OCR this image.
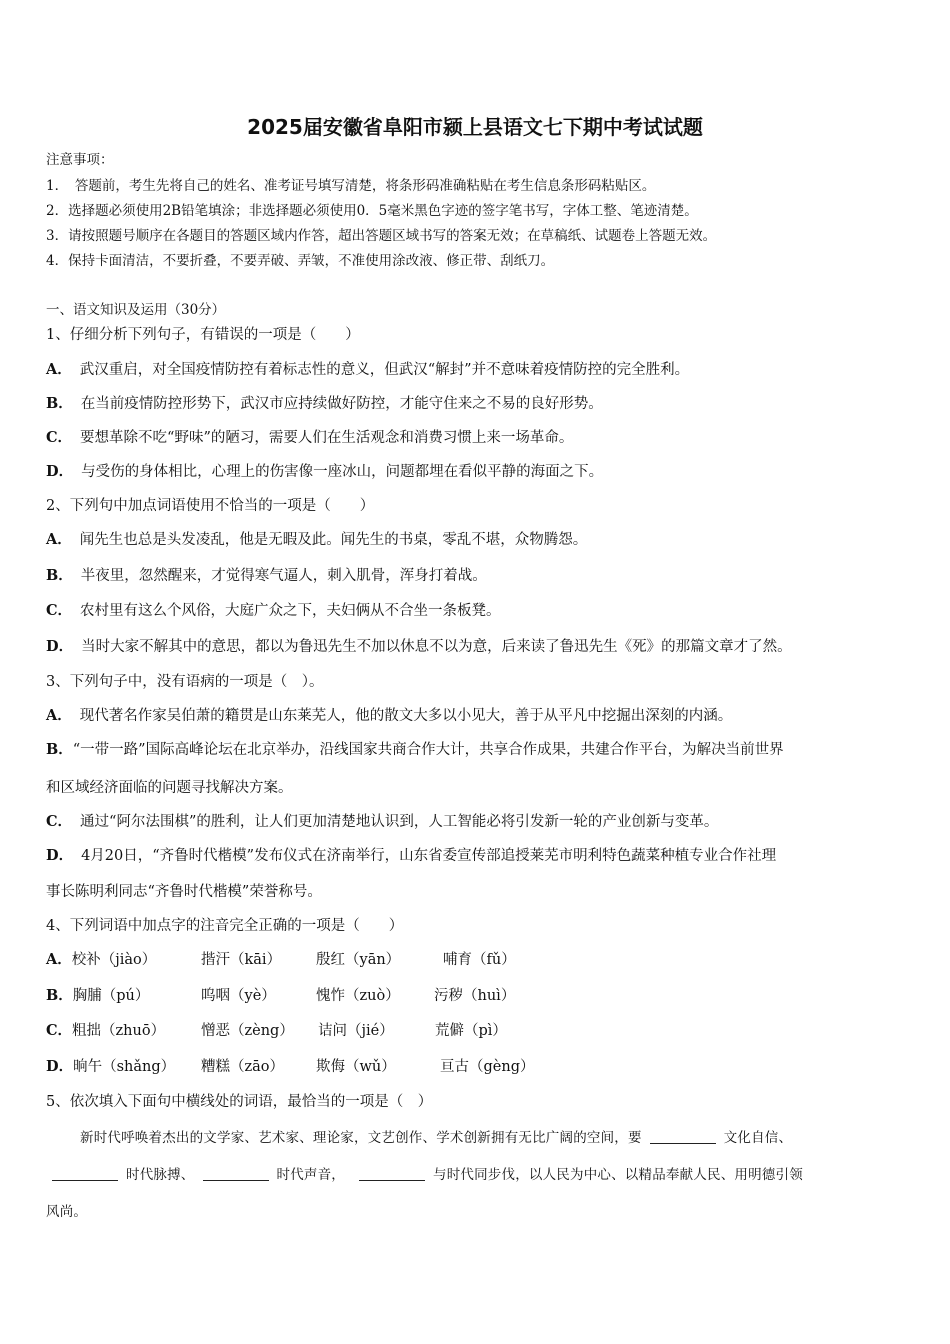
2025届安徽省阜阳市颍上县语文七下期中考试试题
注意事项：
1．　答题前，考生先将自己的姓名、准考证号填写清楚，将条形码准确粘贴在考生信息条形码粘贴区。
2．选择题必须使用2B铅笔填涂；非选择题必须使用0．5毫米黑色字迹的签字笔书写，字体工整、笔迹清楚。
3．请按照题号顺序在各题目的答题区域内作答，超出答题区域书写的答案无效；在草稿纸、试题卷上答题无效。
4．保持卡面清洁，不要折叠，不要弄破、弄皱，不准使用涂改液、修正带、刮纸刀。
一、语文知识及运用（30分）
1、仔细分析下列句子，有错误的一项是（　　）
A． 武汉重启，对全国疫情防控有着标志性的意义，但武汉“解封”并不意味着疫情防控的完全胜利。
B． 在当前疫情防控形势下，武汉市应持续做好防控，才能守住来之不易的良好形势。
C． 要想革除不吃“野味”的陋习，需要人们在生活观念和消费习惯上来一场革命。
D． 与受伤的身体相比，心理上的伤害像一座冰山，问题都埋在看似平静的海面之下。
2、下列句中加点词语使用不恰当的一项是（　　）
A． 闻先生也总是头发凌乱，他是无暇及此。闻先生的书桌，零乱不堪，众物腾怨。
B． 半夜里，忽然醒来，才觉得寒气逼人，刺入肌骨，浑身打着战。
C． 农村里有这么个风俗，大庭广众之下，夫妇俩从不合坐一条板凳。
D． 当时大家不解其中的意思，都以为鲁迅先生不加以休息不以为意，后来读了鲁迅先生《死》的那篇文章才了然。
3、下列句子中，没有语病的一项是（　）。
A． 现代著名作家吴伯萧的籍贯是山东莱芜人，他的散文大多以小见大，善于从平凡中挖掘出深刻的内涵。
B．“一带一路”国际高峰论坛在北京举办，沿线国家共商合作大计，共享合作成果，共建合作平台，为解决当前世界
和区域经济面临的问题寻找解决方案。
C． 通过“阿尔法围棋”的胜利，让人们更加清楚地认识到，人工智能必将引发新一轮的产业创新与变革。
D． 4月20日，“齐鲁时代楷模”发布仪式在济南举行，山东省委宣传部追授莱芜市明利特色蔬菜种植专业合作社理
事长陈明利同志“齐鲁时代楷模”荣誉称号。
4、下列词语中加点字的注音完全正确的一项是（　　）
A．校补（jiào）	揩汗（kāi） 殷红（yān）	哺育（fǔ）
B．胸脯（pú）	呜咽（yè）	愧怍（zuò） 污秽（huì）
C．粗拙（zhuō） 憎恶（zèng） 诘问（jié）	荒僻（pì）
D．晌午（shǎng） 糟糕（zāo） 欺侮（wǔ）	亘古（gèng）
5、依次填入下面句中横线处的词语，最恰当的一项是（　）
新时代呼唤着杰出的文学家、艺术家、理论家，文艺创作、学术创新拥有无比广阔的空间，要	文化自信、
时代脉搏、	时代声音，	与时代同步伐，以人民为中心、以精品奉献人民、用明德引领
风尚。
